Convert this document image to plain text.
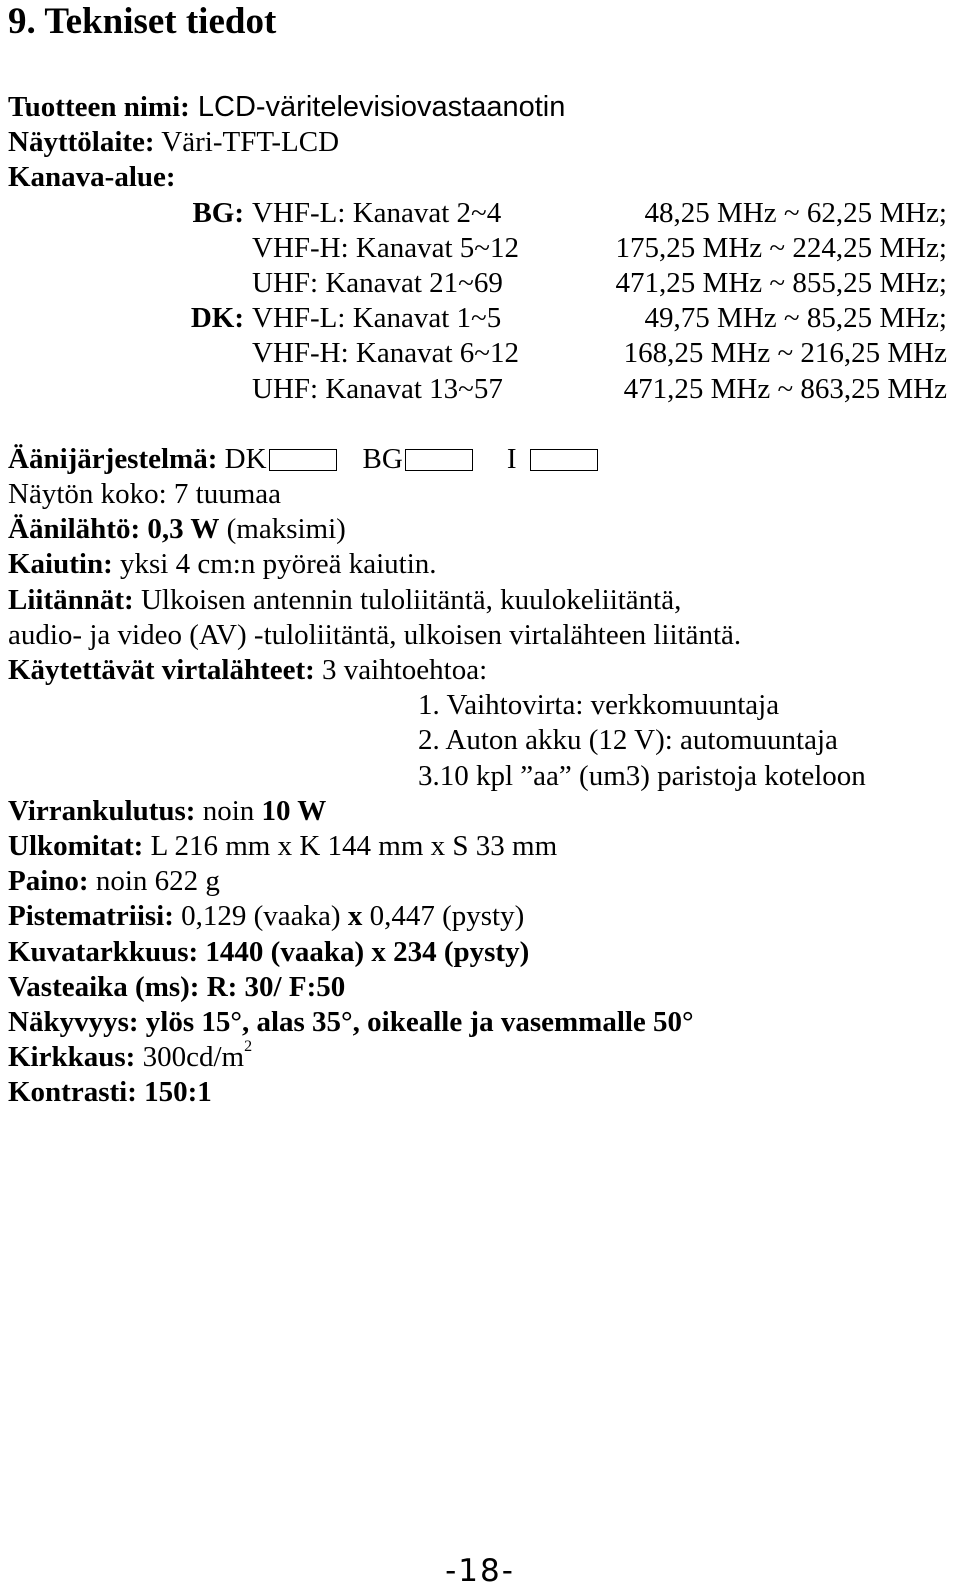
9. Tekniset tiedot
Tuotteen nimi: LCD-väritelevisiovastaanotin
Näyttölaite: Väri-TFT-LCD
Kanava-alue:
BG: VHF-L: Kanavat 2~4	48,25 MHz ~ 62,25 MHz;
VHF-H: Kanavat 5~12	175,25 MHz ~ 224,25 MHz;
UHF: Kanavat 21~69	471,25 MHz ~ 855,25 MHz;
DK: VHF-L: Kanavat 1~5	49,75 MHz ~ 85,25 MHz;
VHF-H: Kanavat 6~12	168,25 MHz ~ 216,25 MHz
UHF: Kanavat 13~57	471,25 MHz ~ 863,25 MHz
Äänijärjestelmä: DK	BG	I
Näytön koko: 7 tuumaa
Äänilähtö: 0,3 W (maksimi)
Kaiutin: yksi 4 cm:n pyöreä kaiutin.
Liitännät: Ulkoisen antennin tuloliitäntä, kuulokeliitäntä,
audio- ja video (AV) -tuloliitäntä, ulkoisen virtalähteen liitäntä.
Käytettävät virtalähteet: 3 vaihtoehtoa:
1. Vaihtovirta: verkkomuuntaja
2. Auton akku (12 V): automuuntaja
3.10 kpl ”aa” (um3) paristoja koteloon
Virrankulutus: noin 10 W
Ulkomitat: L 216 mm x K 144 mm x S 33 mm
Paino: noin 622 g
Pistematriisi: 0,129 (vaaka) x 0,447 (pysty)
Kuvatarkkuus: 1440 (vaaka) x 234 (pysty)
Vasteaika (ms): R: 30/ F:50
Näkyvyys: ylös 15°, alas 35°, oikealle ja vasemmalle 50°
Kirkkaus: $300cd/m^2$
Kontrasti: 150:1
-18-
